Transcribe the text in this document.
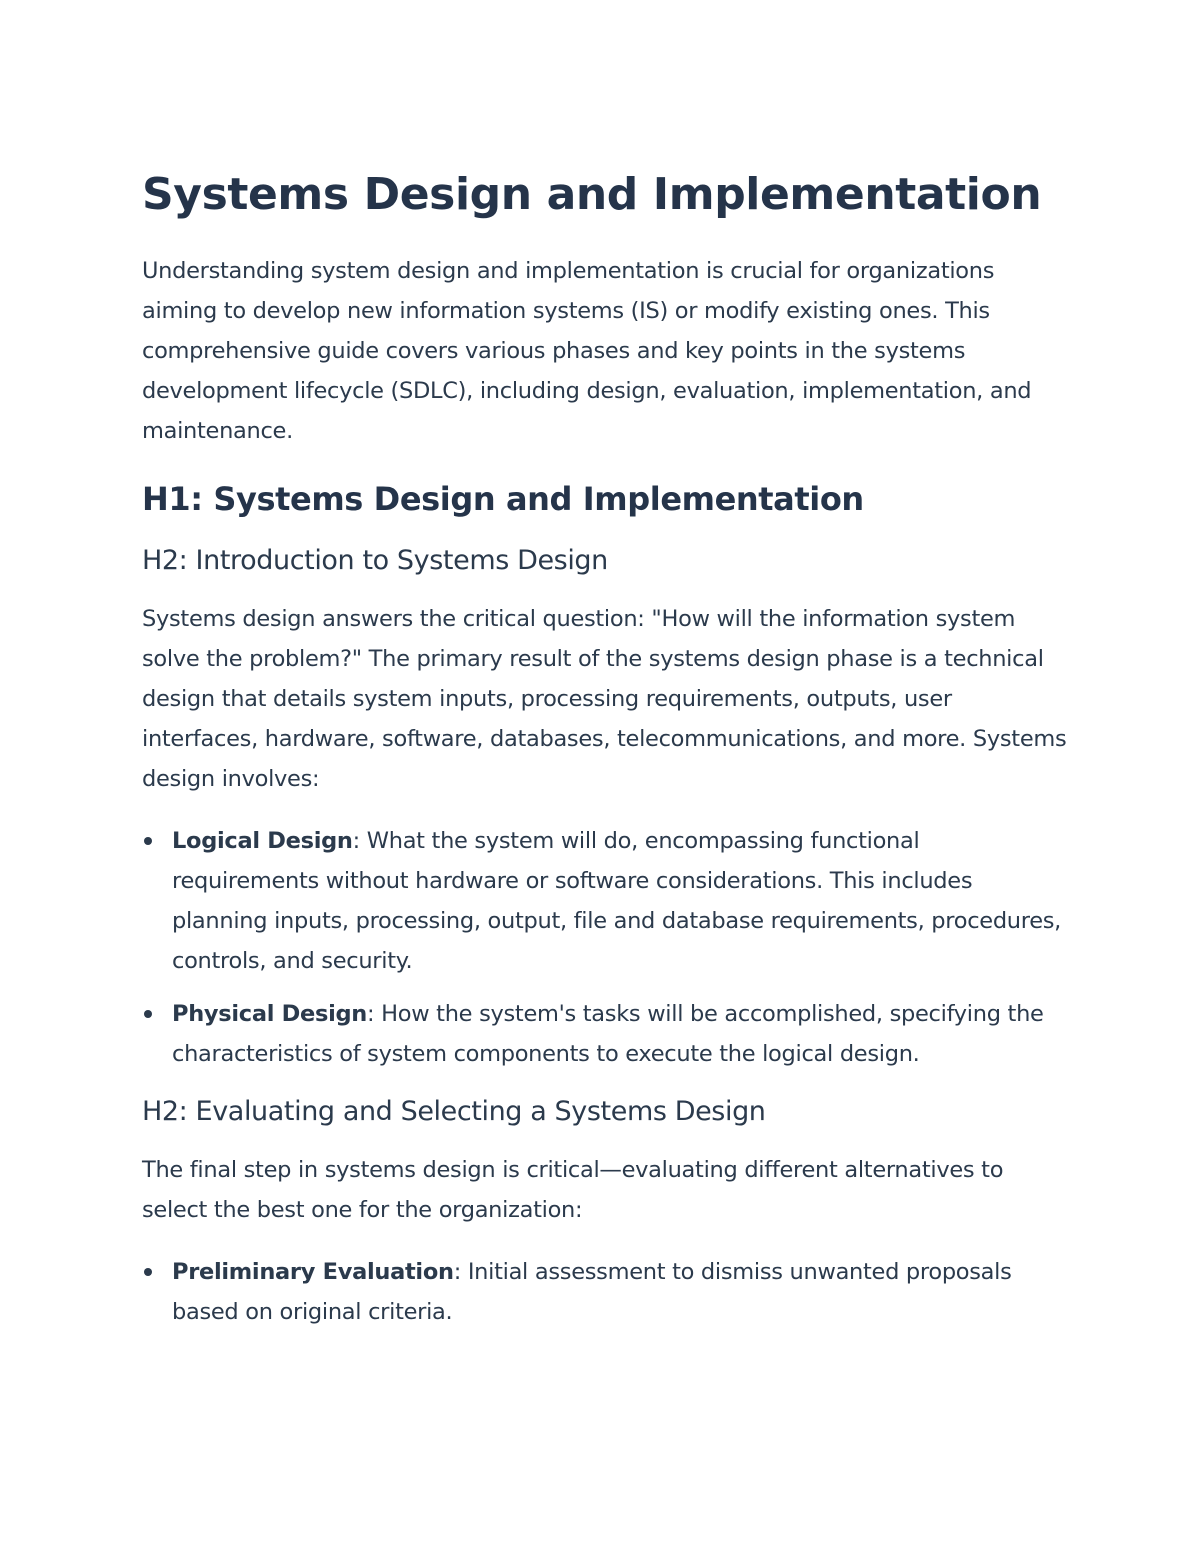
Systems Design and Implementation

Understanding system design and implementation is crucial for organizations aiming to develop new information systems (IS) or modify existing ones. This comprehensive guide covers various phases and key points in the systems development lifecycle (SDLC), including design, evaluation, implementation, and maintenance.

H1: Systems Design and Implementation
H2: Introduction to Systems Design

Systems design answers the critical question: "How will the information system solve the problem?" The primary result of the systems design phase is a technical design that details system inputs, processing requirements, outputs, user interfaces, hardware, software, databases, telecommunications, and more. Systems design involves:

Logical Design: What the system will do, encompassing functional requirements without hardware or software considerations. This includes planning inputs, processing, output, file and database requirements, procedures, controls, and security.
Physical Design: How the system's tasks will be accomplished, specifying the characteristics of system components to execute the logical design.
H2: Evaluating and Selecting a Systems Design

The final step in systems design is critical—evaluating different alternatives to select the best one for the organization:

Preliminary Evaluation: Initial assessment to dismiss unwanted proposals based on original criteria.
